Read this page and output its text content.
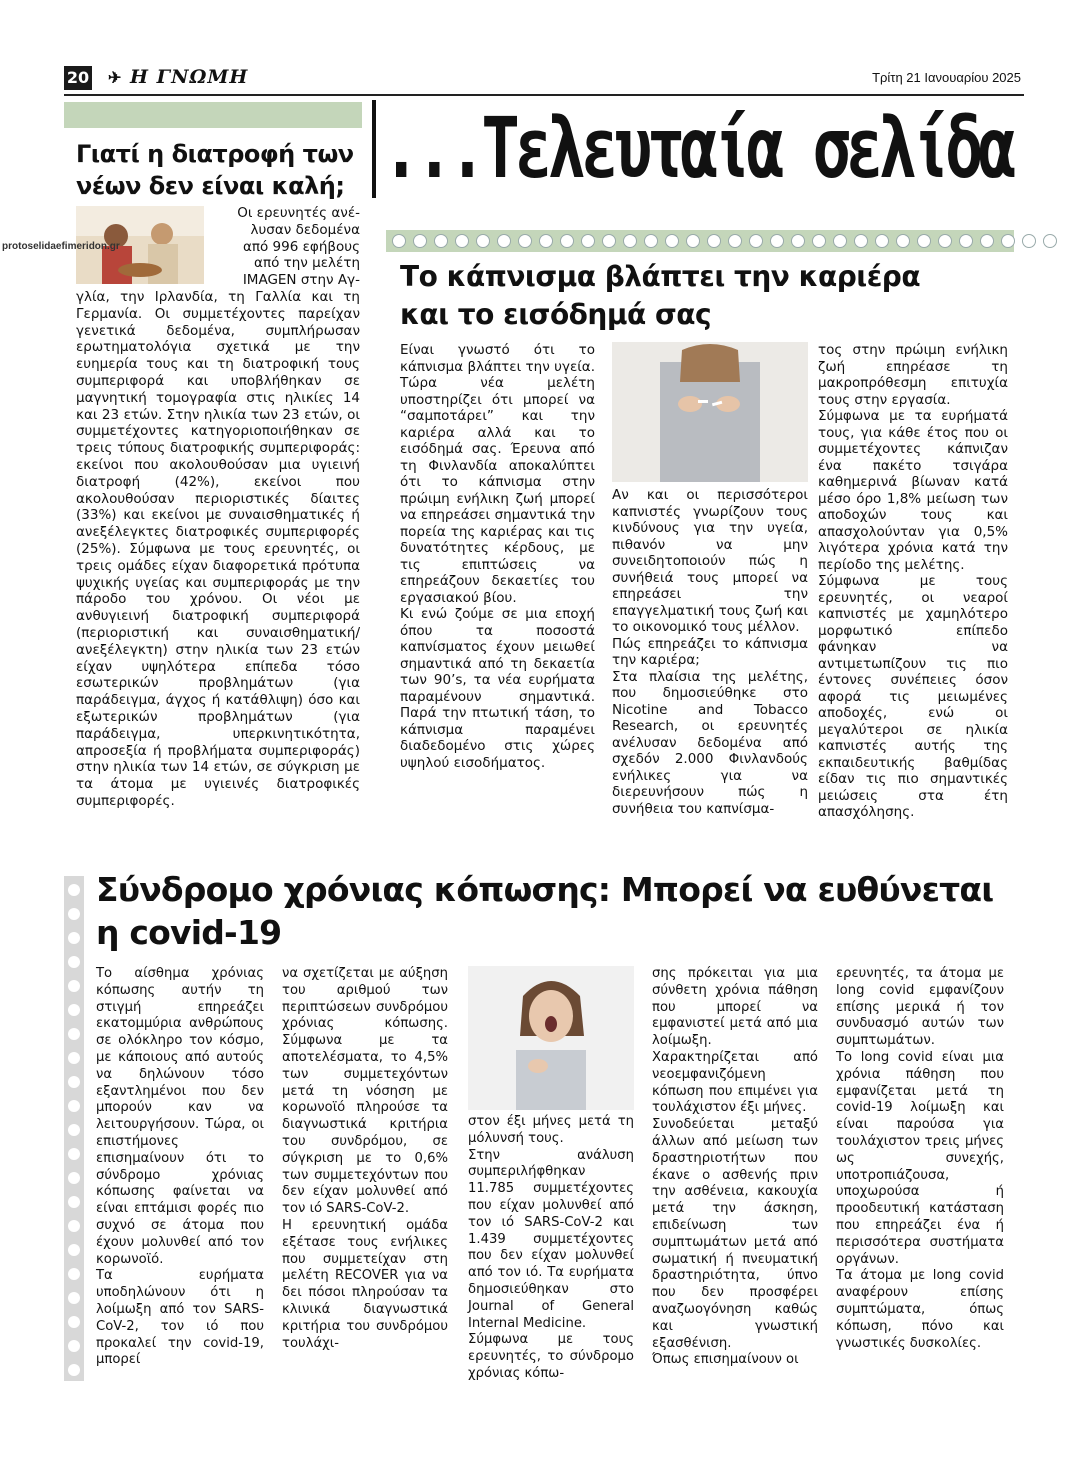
20 ✈ Η ΓΝΩΜΗ	Τρίτη 21 Ιανουαρίου 2025
Γιατί η διατροφή των νέων δεν είναι καλή;
protoselidaefimeridon.gr
Οι ερευνητές ανέ-
λυσαν δεδομένα
από 996 εφήβους
από την μελέτη
IMAGEN στην Αγ-

γλία, την Ιρλανδία, τη Γαλλία και τη Γερμανία. Οι συμμετέχοντες παρείχαν γενετικά δεδομένα, συμπλήρωσαν ερωτηματολόγια σχετικά με την ευημερία τους και τη διατροφική τους συμπεριφορά και υποβλήθηκαν σε μαγνητική τομογραφία στις ηλικίες 14 και 23 ετών. Στην ηλικία των 23 ετών, οι συμμετέχοντες κατηγοριοποιήθηκαν σε τρεις τύπους διατροφικής συμπεριφοράς: εκείνοι που ακολουθούσαν μια υγιεινή διατροφή (42%), εκείνοι που ακολουθούσαν περιοριστικές δίαιτες (33%) και εκείνοι με συναισθηματικές ή ανεξέλεγκτες διατροφικές συμπεριφορές (25%). Σύμφωνα με τους ερευνητές, οι τρεις ομάδες είχαν διαφορετικά πρότυπα ψυχικής υγείας και συμπεριφοράς με την πάροδο του χρόνου. Οι νέοι με ανθυγιεινή διατροφική συμπεριφορά (περιοριστική και συναισθηματική/ανεξέλεγκτη) στην ηλικία των 23 ετών είχαν υψηλότερα επίπεδα τόσο εσωτερικών προβλημάτων (για παράδειγμα, άγχος ή κατάθλιψη) όσο και εξωτερικών προβλημάτων (για παράδειγμα, υπερκινητικότητα, απροσεξία ή προβλήματα συμπεριφοράς) στην ηλικία των 14 ετών, σε σύγκριση με τα άτομα με υγιεινές διατροφικές συμπεριφορές.

...Τελευταία σελίδα
Το κάπνισμα βλάπτει την καριέρα
και το εισόδημά σας

Είναι γνωστό ότι το κάπνισμα βλάπτει την υγεία. Τώρα νέα μελέτη υποστηρίζει ότι μπορεί να “σαμποτάρει” και την καριέρα αλλά και το εισόδημά σας. Έρευνα από τη Φινλανδία αποκαλύπτει ότι το κάπνισμα στην πρώιμη ενήλικη ζωή μπορεί να επηρεάσει σημαντικά την πορεία της καριέρας και τις δυνατότητες κέρδους, με τις επιπτώσεις να επηρεάζουν δεκαετίες του εργασιακού βίου.

Κι ενώ ζούμε σε μια εποχή όπου τα ποσοστά καπνίσματος έχουν μειωθεί σημαντικά από τη δεκαετία των 90’s, τα νέα ευρήματα παραμένουν σημαντικά. Παρά την πτωτική τάση, το κάπνισμα παραμένει διαδεδομένο στις χώρες υψηλού εισοδήματος.

Αν και οι περισσότεροι καπνιστές γνωρίζουν τους κινδύνους για την υγεία, πιθανόν να μην συνειδητοποιούν πώς η συνήθειά τους μπορεί να επηρεάσει την επαγγελματική τους ζωή και το οικονομικό τους μέλλον.

Πώς επηρεάζει το κάπνισμα την καριέρα;

Στα πλαίσια της μελέτης, που δημοσιεύθηκε στο Nicotine and Tobacco Research, οι ερευνητές ανέλυσαν δεδομένα από σχεδόν 2.000 Φινλανδούς ενήλικες για να διερευνήσουν πώς η συνήθεια του καπνίσμα-

τος στην πρώιμη ενήλικη ζωή επηρέασε τη μακροπρόθεσμη επιτυχία τους στην εργασία.

Σύμφωνα με τα ευρήματά τους, για κάθε έτος που οι συμμετέχοντες κάπνιζαν ένα πακέτο τσιγάρα καθημερινά βίωναν κατά μέσο όρο 1,8% μείωση των αποδοχών τους και απασχολούνταν για 0,5% λιγότερα χρόνια κατά την περίοδο της μελέτης.

Σύμφωνα με τους ερευνητές, οι νεαροί καπνιστές με χαμηλότερο μορφωτικό επίπεδο φάνηκαν να αντιμετωπίζουν τις πιο έντονες συνέπειες όσον αφορά τις μειωμένες αποδοχές, ενώ οι μεγαλύτεροι σε ηλικία καπνιστές αυτής της εκπαιδευτικής βαθμίδας είδαν τις πιο σημαντικές μειώσεις στα έτη απασχόλησης.

Σύνδρομο χρόνιας κόπωσης: Μπορεί να ευθύνεται
η covid-19

Το αίσθημα χρόνιας κόπωσης αυτήν τη στιγμή επηρεάζει εκατομμύρια ανθρώπους σε ολόκληρο τον κόσμο, με κάποιους από αυτούς να δηλώνουν τόσο εξαντλημένοι που δεν μπορούν καν να λειτουργήσουν. Τώρα, οι επιστήμονες επισημαίνουν ότι το σύνδρομο χρόνιας κόπωσης φαίνεται να είναι επτάμισι φορές πιο συχνό σε άτομα που έχουν μολυνθεί από τον κορωνοϊό.

Τα ευρήματα υποδηλώνουν ότι η λοίμωξη από τον SARS-CoV-2, τον ιό που προκαλεί την covid-19, μπορεί

να σχετίζεται με αύξηση του αριθμού των περιπτώσεων συνδρόμου χρόνιας κόπωσης. Σύμφωνα με τα αποτελέσματα, το 4,5% των συμμετεχόντων μετά τη νόσηση με κορωνοϊό πληρούσε τα διαγνωστικά κριτήρια του συνδρόμου, σε σύγκριση με το 0,6% των συμμετεχόντων που δεν είχαν μολυνθεί από τον ιό SARS-CoV-2.

Η ερευνητική ομάδα εξέτασε τους ενήλικες που συμμετείχαν στη μελέτη RECOVER για να δει πόσοι πληρούσαν τα κλινικά διαγνωστικά κριτήρια του συνδρόμου τουλάχι-

στον έξι μήνες μετά τη μόλυνσή τους.

Στην ανάλυση συμπεριλήφθηκαν 11.785 συμμετέχοντες που είχαν μολυνθεί από τον ιό SARS-CoV-2 και 1.439 συμμετέχοντες που δεν είχαν μολυνθεί από τον ιό. Τα ευρήματα δημοσιεύθηκαν στο Journal of General Internal Medicine.

Σύμφωνα με τους ερευνητές, το σύνδρομο χρόνιας κόπω-

σης πρόκειται για μια σύνθετη χρόνια πάθηση που μπορεί να εμφανιστεί μετά από μια λοίμωξη. Χαρακτηρίζεται από νεοεμφανιζόμενη κόπωση που επιμένει για τουλάχιστον έξι μήνες.

Συνοδεύεται μεταξύ άλλων από μείωση των δραστηριοτήτων που έκανε ο ασθενής πριν την ασθένεια, κακουχία μετά την άσκηση, επιδείνωση των συμπτωμάτων μετά από σωματική ή πνευματική δραστηριότητα, ύπνο που δεν προσφέρει αναζωογόνηση καθώς και γνωστική εξασθένιση.

Όπως επισημαίνουν οι

ερευνητές, τα άτομα με long covid εμφανίζουν επίσης μερικά ή τον συνδυασμό αυτών των συμπτωμάτων.

Το long covid είναι μια χρόνια πάθηση που εμφανίζεται μετά τη covid-19 λοίμωξη και είναι παρούσα για τουλάχιστον τρεις μήνες ως συνεχής, υποτροπιάζουσα, υποχωρούσα ή προοδευτική κατάσταση που επηρεάζει ένα ή περισσότερα συστήματα οργάνων.

Τα άτομα με long covid αναφέρουν επίσης συμπτώματα, όπως κόπωση, πόνο και γνωστικές δυσκολίες.
